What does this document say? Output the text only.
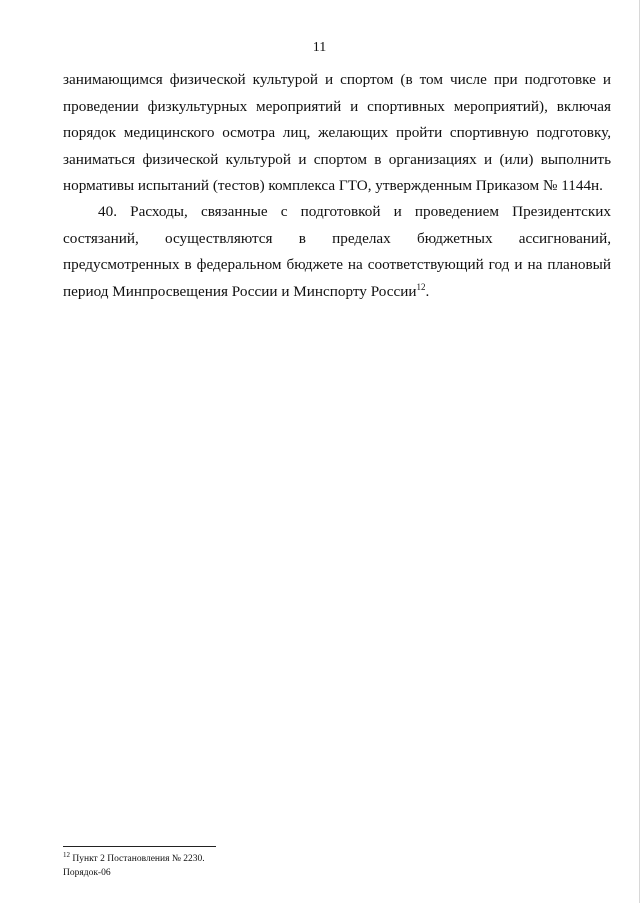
11
занимающимся физической культурой и спортом (в том числе при подготовке и
проведении физкультурных мероприятий и спортивных мероприятий), включая
порядок медицинского осмотра лиц, желающих пройти спортивную подготовку,
заниматься физической культурой и спортом в организациях и (или) выполнить
нормативы испытаний (тестов) комплекса ГТО, утвержденным Приказом № 1144н.
40. Расходы, связанные с подготовкой и проведением Президентских
состязаний, осуществляются в пределах бюджетных ассигнований,
предусмотренных в федеральном бюджете на соответствующий год и на плановый
период Минпросвещения России и Минспорту России$^{12}$.
$^{12}$ Пункт 2 Постановления № 2230.
Порядок-06
